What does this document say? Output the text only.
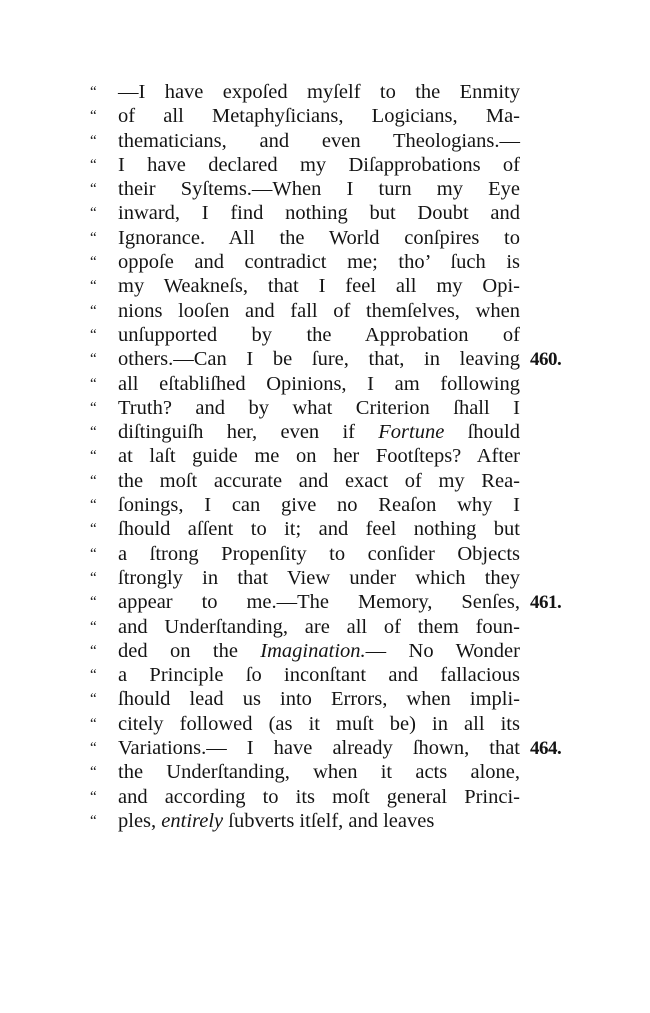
“	—I have expoſed myſelf to the Enmity
“	of all Metaphyſicians, Logicians, Ma-
“	thematicians, and even Theologians.—
“	I have declared my Diſapprobations of
“	their Syſtems.—When I turn my Eye
“	inward, I find nothing but Doubt and
“	Ignorance. All the World conſpires to
“	oppoſe and contradict me; tho’ ſuch is
“	my Weakneſs, that I feel all my Opi-
“	nions looſen and fall of themſelves, when
“	unſupported by the Approbation of
“	others.—Can I be ſure, that, in leaving 460.
“	all eſtabliſhed Opinions, I am following
“	Truth? and by what Criterion ſhall I
“	diſtinguiſh her, even if Fortune ſhould
“	at laſt guide me on her Footſteps? After
“	the moſt accurate and exact of my Rea-
“	ſonings, I can give no Reaſon why I
“	ſhould aſſent to it; and feel nothing but
“	a ſtrong Propenſity to conſider Objects
“	ſtrongly in that View under which they
“	appear to me.—The Memory, Senſes, 461.
“	and Underſtanding, are all of them foun-
“	ded on the Imagination.— No Wonder
“	a Principle ſo inconſtant and fallacious
“	ſhould lead us into Errors, when impli-
“	citely followed (as it muſt be) in all its
“	Variations.— I have already ſhown, that 464.
“	the Underſtanding, when it acts alone,
“	and according to its moſt general Princi-
“	ples, entirely ſubverts itſelf, and leaves
